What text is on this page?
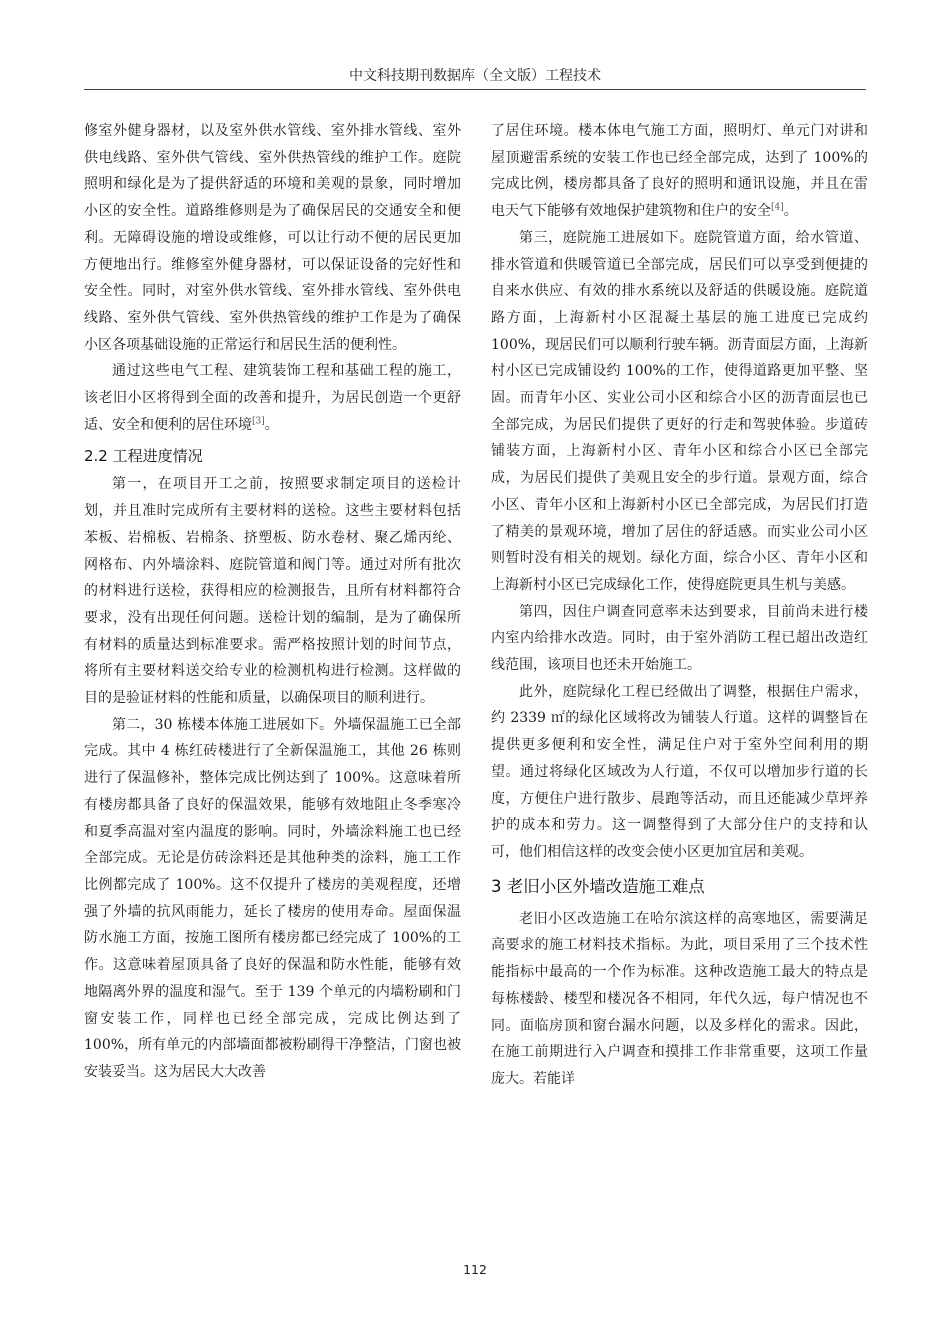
中文科技期刊数据库（全文版）工程技术

修室外健身器材，以及室外供水管线、室外排水管线、室外供电线路、室外供气管线、室外供热管线的维护工作。庭院照明和绿化是为了提供舒适的环境和美观的景象，同时增加小区的安全性。道路维修则是为了确保居民的交通安全和便利。无障碍设施的增设或维修，可以让行动不便的居民更加方便地出行。维修室外健身器材，可以保证设备的完好性和安全性。同时，对室外供水管线、室外排水管线、室外供电线路、室外供气管线、室外供热管线的维护工作是为了确保小区各项基础设施的正常运行和居民生活的便利性。

通过这些电气工程、建筑装饰工程和基础工程的施工，该老旧小区将得到全面的改善和提升，为居民创造一个更舒适、安全和便利的居住环境[3]。

2.2 工程进度情况

第一，在项目开工之前，按照要求制定项目的送检计划，并且准时完成所有主要材料的送检。这些主要材料包括苯板、岩棉板、岩棉条、挤塑板、防水卷材、聚乙烯丙纶、网格布、内外墙涂料、庭院管道和阀门等。通过对所有批次的材料进行送检，获得相应的检测报告，且所有材料都符合要求，没有出现任何问题。送检计划的编制，是为了确保所有材料的质量达到标准要求。需严格按照计划的时间节点，将所有主要材料送交给专业的检测机构进行检测。这样做的目的是验证材料的性能和质量，以确保项目的顺利进行。

第二，30 栋楼本体施工进展如下。外墙保温施工已全部完成。其中 4 栋红砖楼进行了全新保温施工，其他 26 栋则进行了保温修补，整体完成比例达到了 100%。这意味着所有楼房都具备了良好的保温效果，能够有效地阻止冬季寒冷和夏季高温对室内温度的影响。同时，外墙涂料施工也已经全部完成。无论是仿砖涂料还是其他种类的涂料，施工工作比例都完成了 100%。这不仅提升了楼房的美观程度，还增强了外墙的抗风雨能力，延长了楼房的使用寿命。屋面保温防水施工方面，按施工图所有楼房都已经完成了 100%的工作。这意味着屋顶具备了良好的保温和防水性能，能够有效地隔离外界的温度和湿气。至于 139 个单元的内墙粉刷和门窗安装工作，同样也已经全部完成，完成比例达到了 100%，所有单元的内部墙面都被粉刷得干净整洁，门窗也被安装妥当。这为居民大大改善

了居住环境。楼本体电气施工方面，照明灯、单元门对讲和屋顶避雷系统的安装工作也已经全部完成，达到了 100%的完成比例，楼房都具备了良好的照明和通讯设施，并且在雷电天气下能够有效地保护建筑物和住户的安全[4]。

第三，庭院施工进展如下。庭院管道方面，给水管道、排水管道和供暖管道已全部完成，居民们可以享受到便捷的自来水供应、有效的排水系统以及舒适的供暖设施。庭院道路方面，上海新村小区混凝土基层的施工进度已完成约 100%，现居民们可以顺利行驶车辆。沥青面层方面，上海新村小区已完成铺设约 100%的工作，使得道路更加平整、坚固。而青年小区、实业公司小区和综合小区的沥青面层也已全部完成，为居民们提供了更好的行走和驾驶体验。步道砖铺装方面，上海新村小区、青年小区和综合小区已全部完成，为居民们提供了美观且安全的步行道。景观方面，综合小区、青年小区和上海新村小区已全部完成，为居民们打造了精美的景观环境，增加了居住的舒适感。而实业公司小区则暂时没有相关的规划。绿化方面，综合小区、青年小区和上海新村小区已完成绿化工作，使得庭院更具生机与美感。

第四，因住户调查同意率未达到要求，目前尚未进行楼内室内给排水改造。同时，由于室外消防工程已超出改造红线范围，该项目也还未开始施工。

此外，庭院绿化工程已经做出了调整，根据住户需求，约 2339 ㎡的绿化区域将改为铺装人行道。这样的调整旨在提供更多便利和安全性，满足住户对于室外空间利用的期望。通过将绿化区域改为人行道，不仅可以增加步行道的长度，方便住户进行散步、晨跑等活动，而且还能减少草坪养护的成本和劳力。这一调整得到了大部分住户的支持和认可，他们相信这样的改变会使小区更加宜居和美观。

3 老旧小区外墙改造施工难点

老旧小区改造施工在哈尔滨这样的高寒地区，需要满足高要求的施工材料技术指标。为此，项目采用了三个技术性能指标中最高的一个作为标准。这种改造施工最大的特点是每栋楼龄、楼型和楼况各不相同，年代久远，每户情况也不同。面临房顶和窗台漏水问题，以及多样化的需求。因此，在施工前期进行入户调查和摸排工作非常重要，这项工作量庞大。若能详

112
